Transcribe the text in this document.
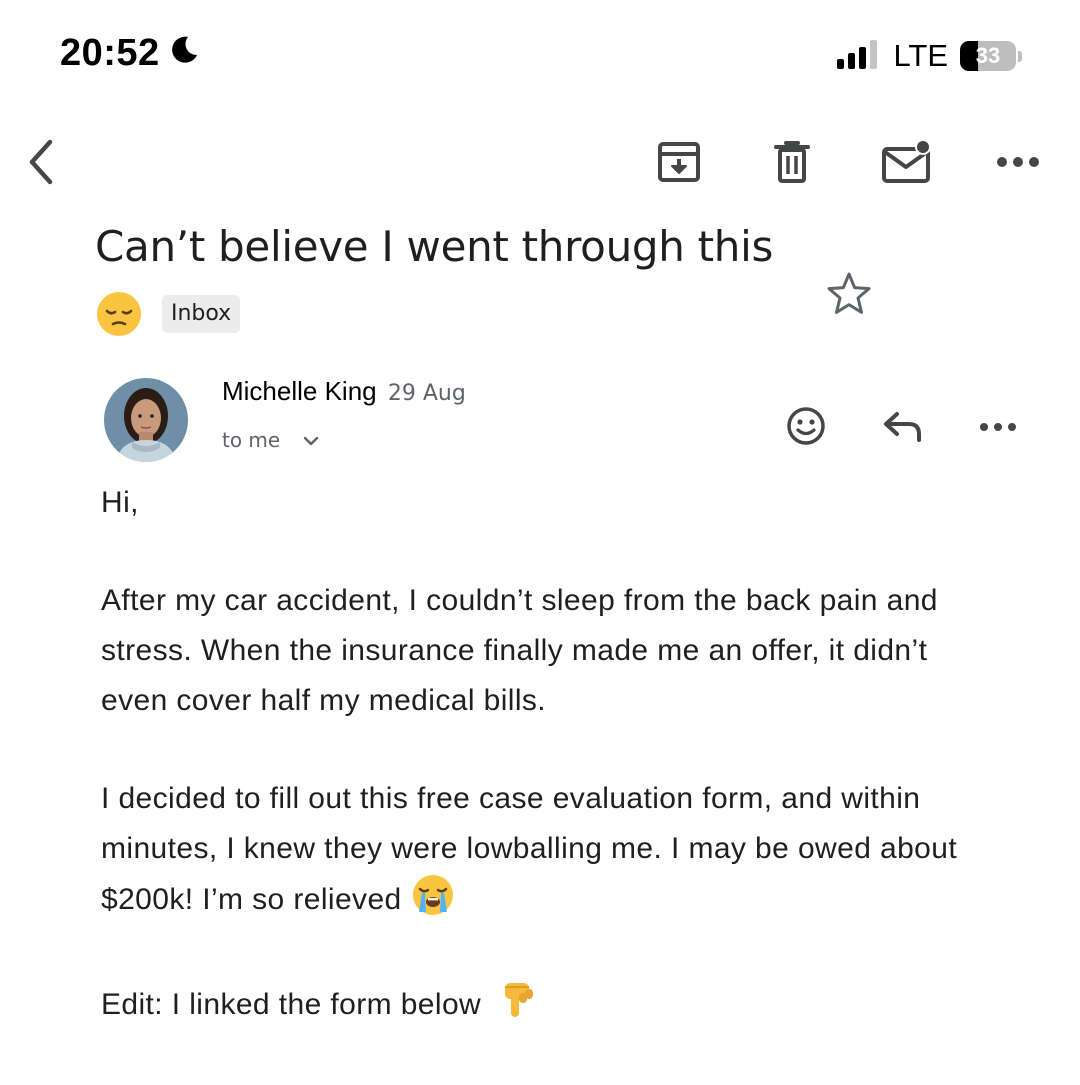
20:52	LTE	33
Can’t believe I went through this
Inbox
Michelle King 29 Aug
to me

Hi,

After my car accident, I couldn’t sleep from the back pain and stress. When the insurance finally made me an offer, it didn’t even cover half my medical bills.

I decided to fill out this free case evaluation form, and within minutes, I knew they were lowballing me. I may be owed about $200k! I’m so relieved

Edit: I linked the form below
